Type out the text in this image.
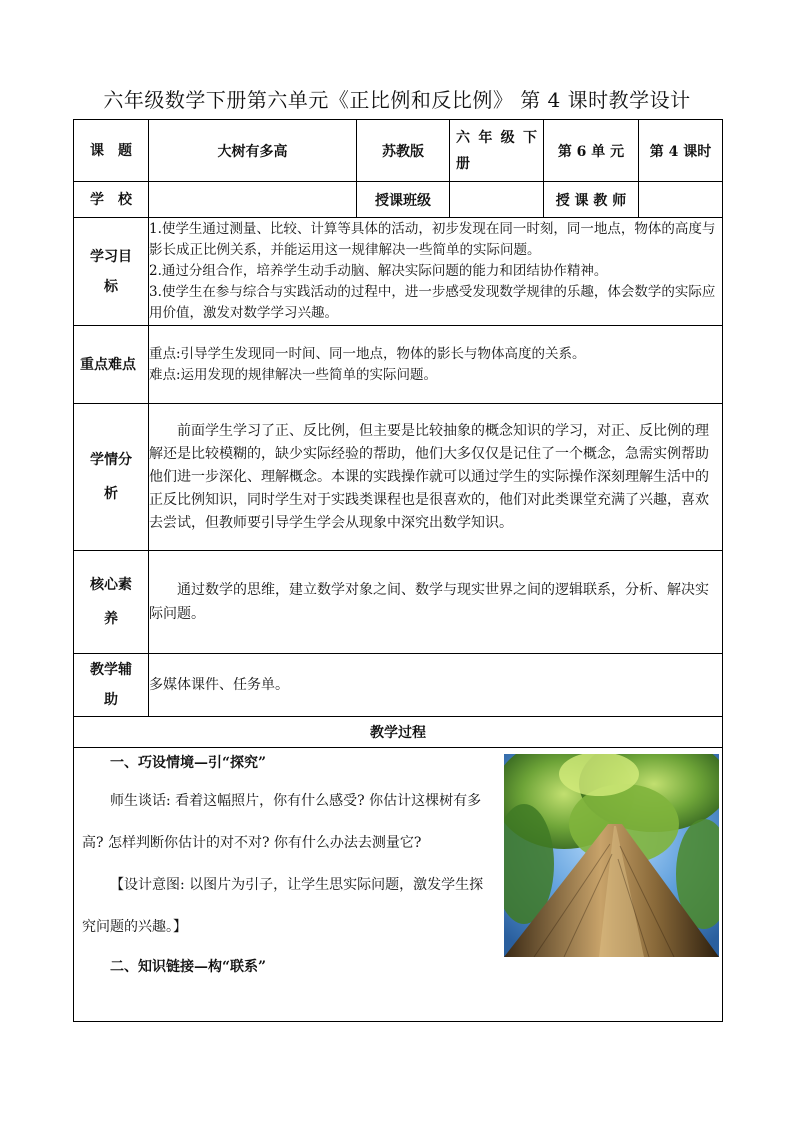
六年级数学下册第六单元《正比例和反比例》 第 4 课时教学设计
课　题	大树有多高	苏教版	六 年 级 下 册	第 6 单 元	第 4 课时
学　校		授课班级		授 课 教 师	
学习目标	1.使学生通过测量、比较、计算等具体的活动，初步发现在同一时刻，同一地点，物体的高度与影长成正比例关系，并能运用这一规律解决一些简单的实际问题。
2.通过分组合作，培养学生动手动脑、解决实际问题的能力和团结协作精神。
3.使学生在参与综合与实践活动的过程中，进一步感受发现数学规律的乐趣，体会数学的实际应用价值，激发对数学学习兴趣。				

重点难点	重点:引导学生发现同一时间、同一地点，物体的影长与物体高度的关系。
难点:运用发现的规律解决一些简单的实际问题。				

学情分析	前面学生学习了正、反比例，但主要是比较抽象的概念知识的学习，对正、反比例的理解还是比较模糊的，缺少实际经验的帮助，他们大多仅仅是记住了一个概念，急需实例帮助他们进一步深化、理解概念。本课的实践操作就可以通过学生的实际操作深刻理解生活中的正反比例知识，同时学生对于实践类课程也是很喜欢的，他们对此类课堂充满了兴趣，喜欢去尝试，但教师要引导学生学会从现象中深究出数学知识。				
核心素养	通过数学的思维，建立数学对象之间、数学与现实世界之间的逻辑联系，分析、解决实际问题。				
教学辅助	多媒体课件、任务单。				
教学过程					

一、巧设情境—引“探究”

师生谈话: 看着这幅照片，你有什么感受? 你估计这棵树有多高? 怎样判断你估计的对不对? 你有什么办法去测量它?

【设计意图: 以图片为引子，让学生思实际问题，激发学生探究问题的兴趣。】

二、知识链接—构“联系”					
